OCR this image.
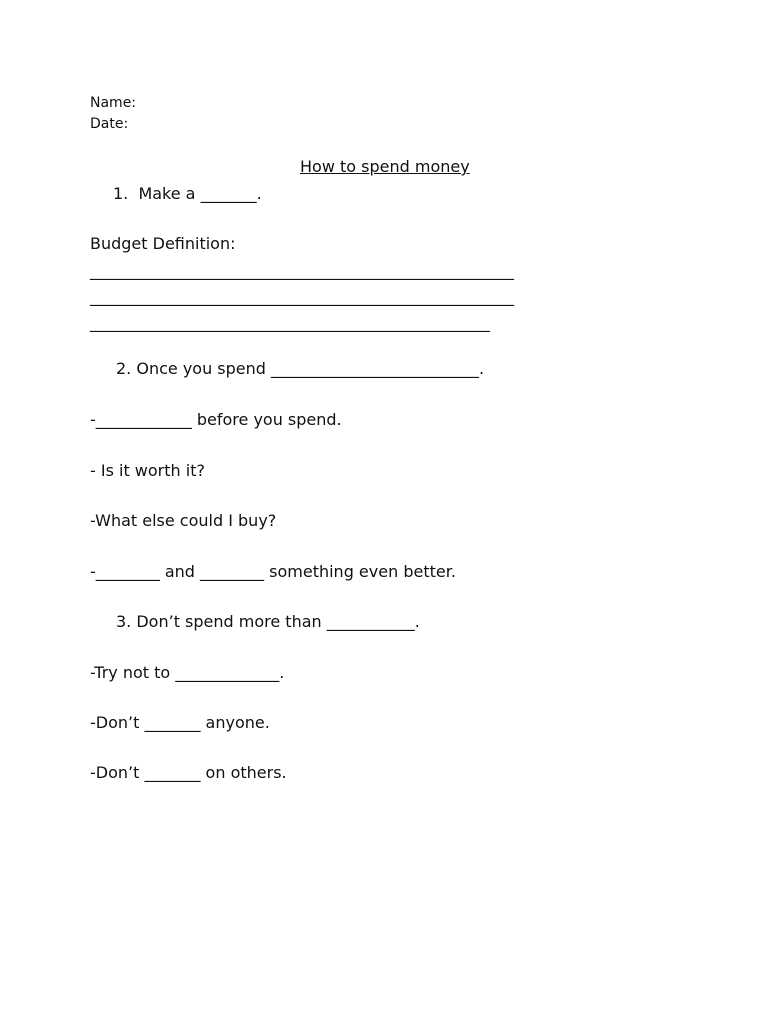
Name:
Date:
How to spend money
1.  Make a _______.
Budget Definition:
_____________________________________________________
_____________________________________________________
__________________________________________________
2. Once you spend __________________________.
-____________ before you spend.
- Is it worth it?
-What else could I buy?
-________ and ________ something even better.
3. Don’t spend more than ___________.
-Try not to _____________.
-Don’t _______ anyone.
-Don’t _______ on others.
